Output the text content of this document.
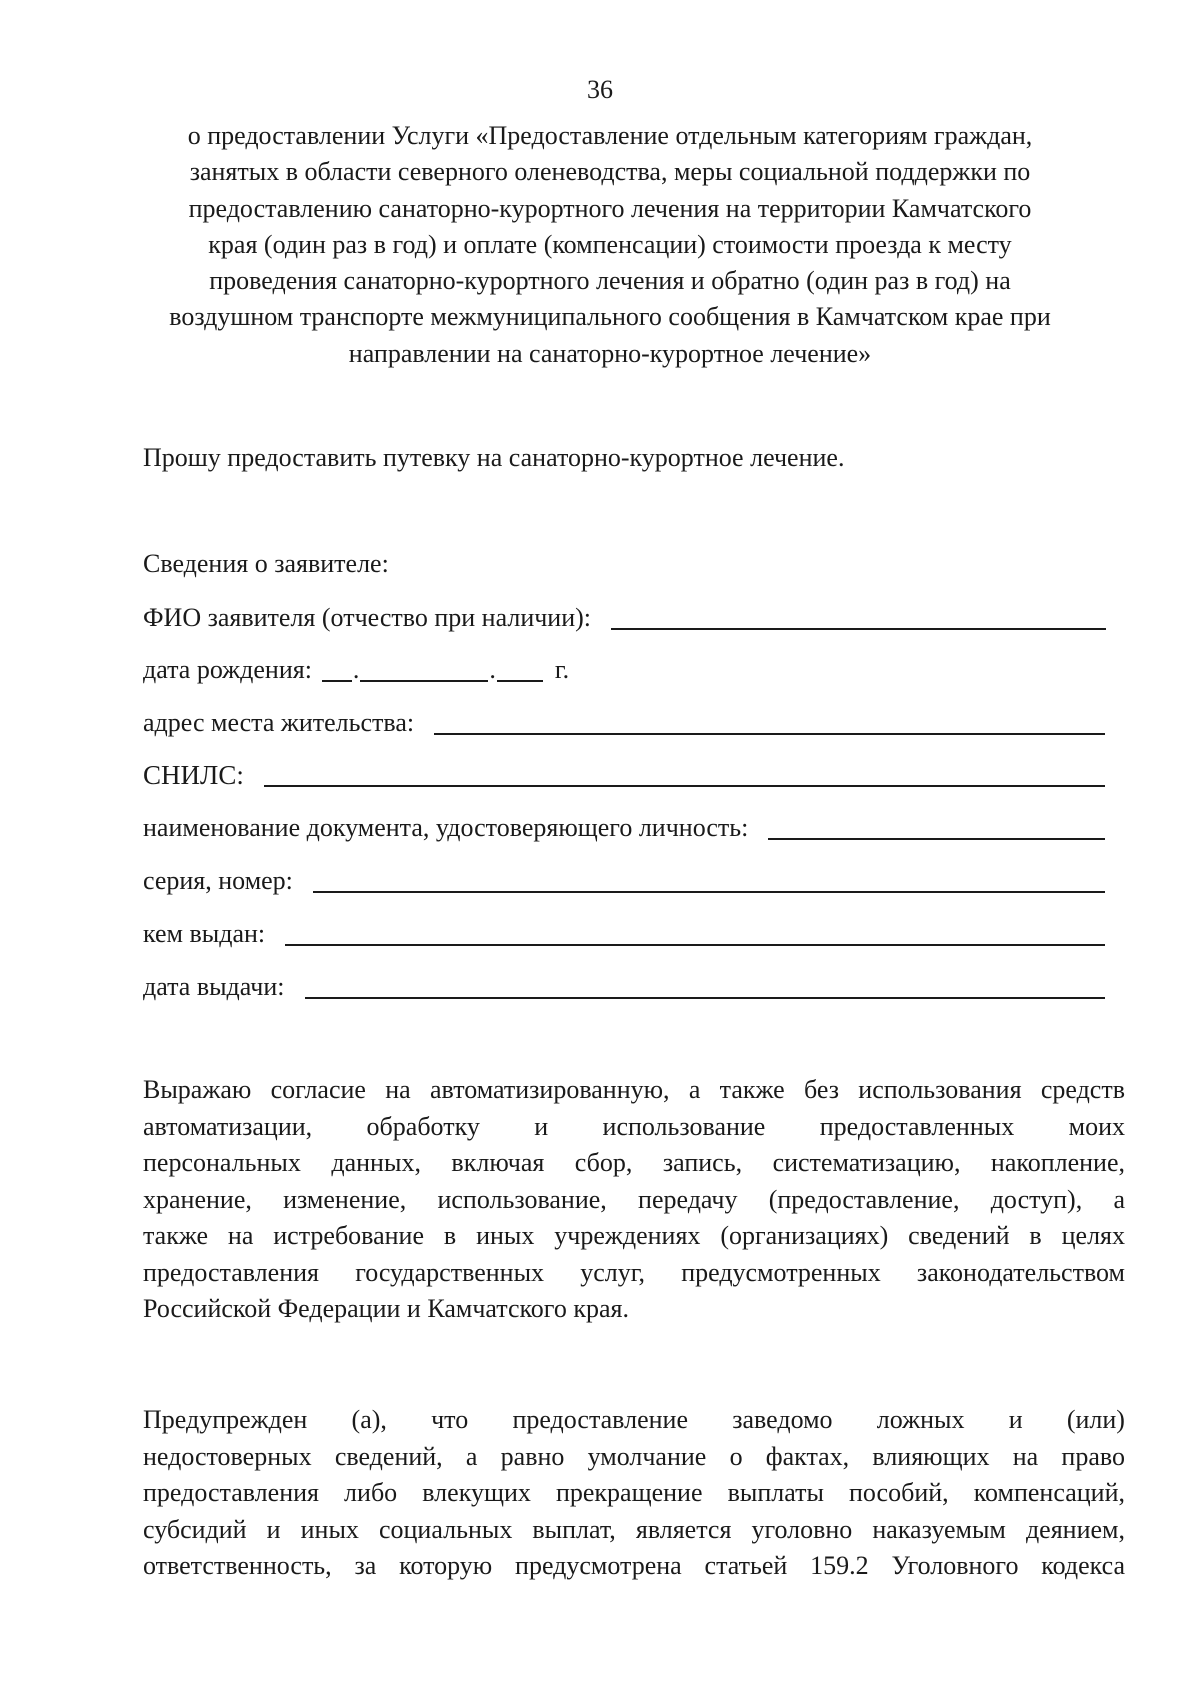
36
о предоставлении Услуги «Предоставление отдельным категориям граждан,
занятых в области северного оленеводства, меры социальной поддержки по
предоставлению санаторно-курортного лечения на территории Камчатского
края (один раз в год) и оплате (компенсации) стоимости проезда к месту
проведения санаторно-курортного лечения и обратно (один раз в год) на
воздушном транспорте межмуниципального сообщения в Камчатском крае при
направлении на санаторно-курортное лечение»
Прошу предоставить путевку на санаторно-курортное лечение.
Сведения о заявителе:
ФИО заявителя (отчество при наличии):
дата рождения: .	. г.
адрес места жительства:
СНИЛС:
наименование документа, удостоверяющего личность:
серия, номер:
кем выдан:
дата выдачи:
Выражаю согласие на автоматизированную, а также без использования средств
автоматизации, обработку и использование предоставленных моих
персональных данных, включая сбор, запись, систематизацию, накопление,
хранение, изменение, использование, передачу (предоставление, доступ), а
также на истребование в иных учреждениях (организациях) сведений в целях
предоставления государственных услуг, предусмотренных законодательством
Российской Федерации и Камчатского края.
Предупрежден (а), что предоставление заведомо ложных и (или)
недостоверных сведений, а равно умолчание о фактах, влияющих на право
предоставления либо влекущих прекращение выплаты пособий, компенсаций,
субсидий и иных социальных выплат, является уголовно наказуемым деянием,
ответственность, за которую предусмотрена статьей 159.2 Уголовного кодекса
